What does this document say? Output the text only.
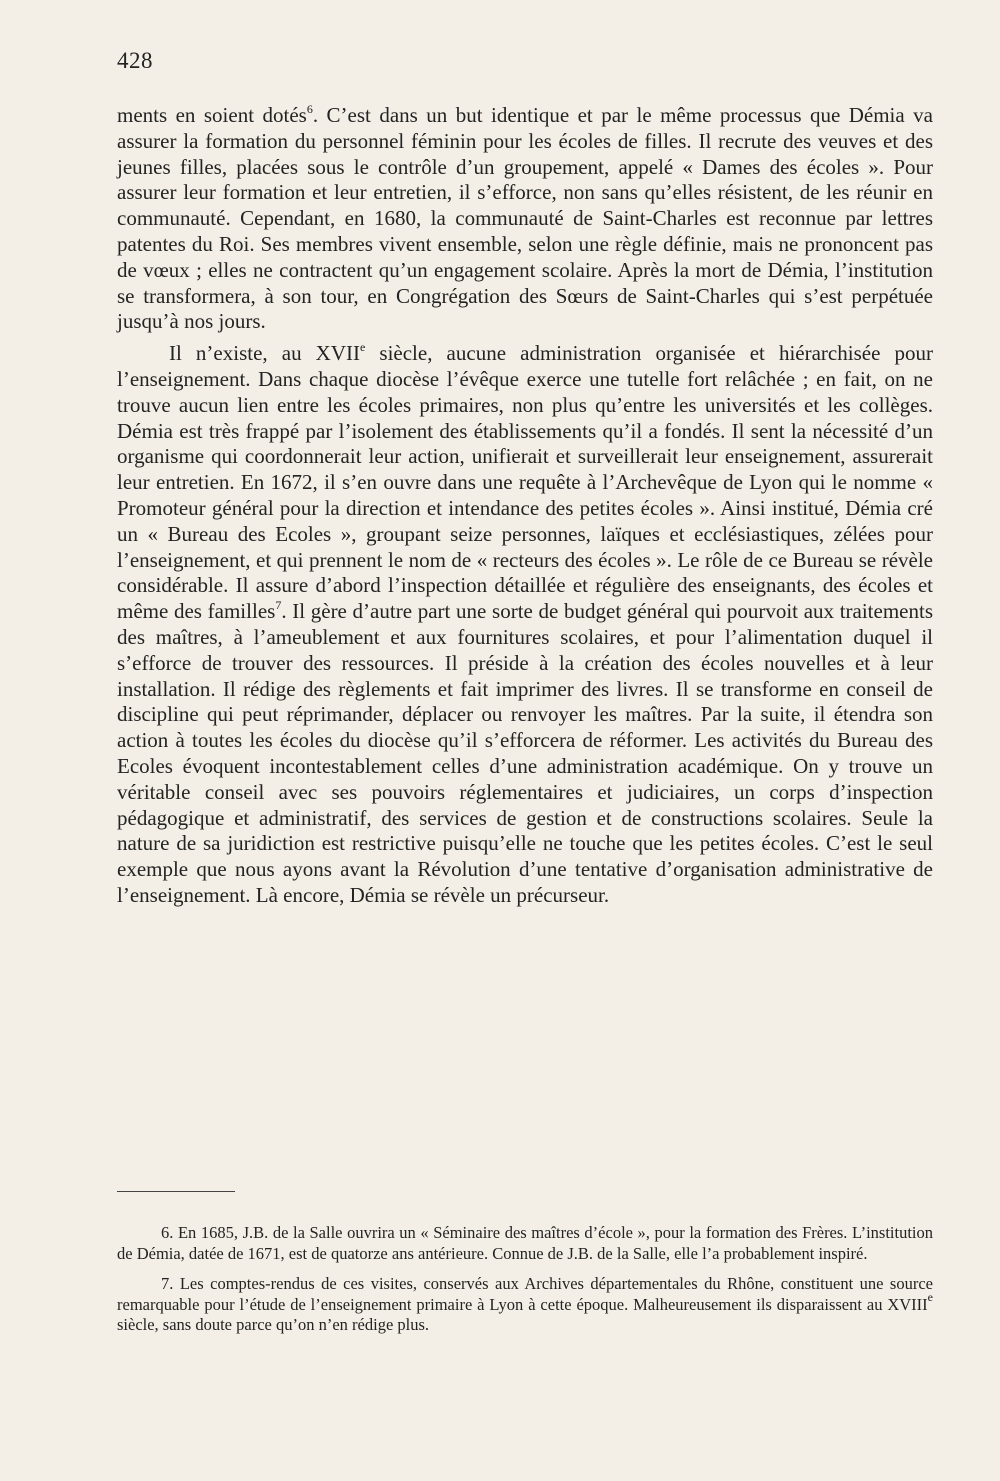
428

ments en soient dotés$^6$. C’est dans un but identique et par le même processus que Démia va assurer la formation du personnel féminin pour les écoles de filles. Il recrute des veuves et des jeunes filles, placées sous le contrôle d’un groupement, appelé « Dames des écoles ». Pour assurer leur formation et leur entretien, il s’efforce, non sans qu’elles résistent, de les réunir en communauté. Cependant, en 1680, la communauté de Saint-Charles est reconnue par lettres patentes du Roi. Ses membres vivent ensemble, selon une règle définie, mais ne prononcent pas de vœux ; elles ne contractent qu’un engagement scolaire. Après la mort de Démia, l’institution se transformera, à son tour, en Congrégation des Sœurs de Saint-Charles qui s’est perpétuée jusqu’à nos jours.

Il n’existe, au XVIIe siècle, aucune administration organisée et hiérarchisée pour l’enseignement. Dans chaque diocèse l’évêque exerce une tutelle fort relâchée ; en fait, on ne trouve aucun lien entre les écoles primaires, non plus qu’entre les universités et les collèges. Démia est très frappé par l’isolement des établissements qu’il a fondés. Il sent la nécessité d’un organisme qui coordonnerait leur action, unifierait et surveillerait leur enseignement, assurerait leur entretien. En 1672, il s’en ouvre dans une requête à l’Archevêque de Lyon qui le nomme « Promoteur général pour la direction et intendance des petites écoles ». Ainsi institué, Démia cré un « Bureau des Ecoles », groupant seize personnes, laïques et ecclésiastiques, zélées pour l’enseignement, et qui prennent le nom de « recteurs des écoles ». Le rôle de ce Bureau se révèle considérable. Il assure d’abord l’inspection détaillée et régulière des enseignants, des écoles et même des familles$^7$. Il gère d’autre part une sorte de budget général qui pourvoit aux traitements des maîtres, à l’ameublement et aux fournitures scolaires, et pour l’alimentation duquel il s’efforce de trouver des ressources. Il préside à la création des écoles nouvelles et à leur installation. Il rédige des règlements et fait imprimer des livres. Il se transforme en conseil de discipline qui peut réprimander, déplacer ou renvoyer les maîtres. Par la suite, il étendra son action à toutes les écoles du diocèse qu’il s’efforcera de réformer. Les activités du Bureau des Ecoles évoquent incontestablement celles d’une administration académique. On y trouve un véritable conseil avec ses pouvoirs réglementaires et judiciaires, un corps d’inspection pédagogique et administratif, des services de gestion et de constructions scolaires. Seule la nature de sa juridiction est restrictive puisqu’elle ne touche que les petites écoles. C’est le seul exemple que nous ayons avant la Révolution d’une tentative d’organisation administrative de l’enseignement. Là encore, Démia se révèle un précurseur.

6. En 1685, J.B. de la Salle ouvrira un « Séminaire des maîtres d’école », pour la formation des Frères. L’institution de Démia, datée de 1671, est de quatorze ans antérieure. Connue de J.B. de la Salle, elle l’a probablement inspiré.

7. Les comptes-rendus de ces visites, conservés aux Archives départementales du Rhône, constituent une source remarquable pour l’étude de l’enseignement primaire à Lyon à cette époque. Malheureusement ils disparaissent au XVIIIe siècle, sans doute parce qu’on n’en rédige plus.
